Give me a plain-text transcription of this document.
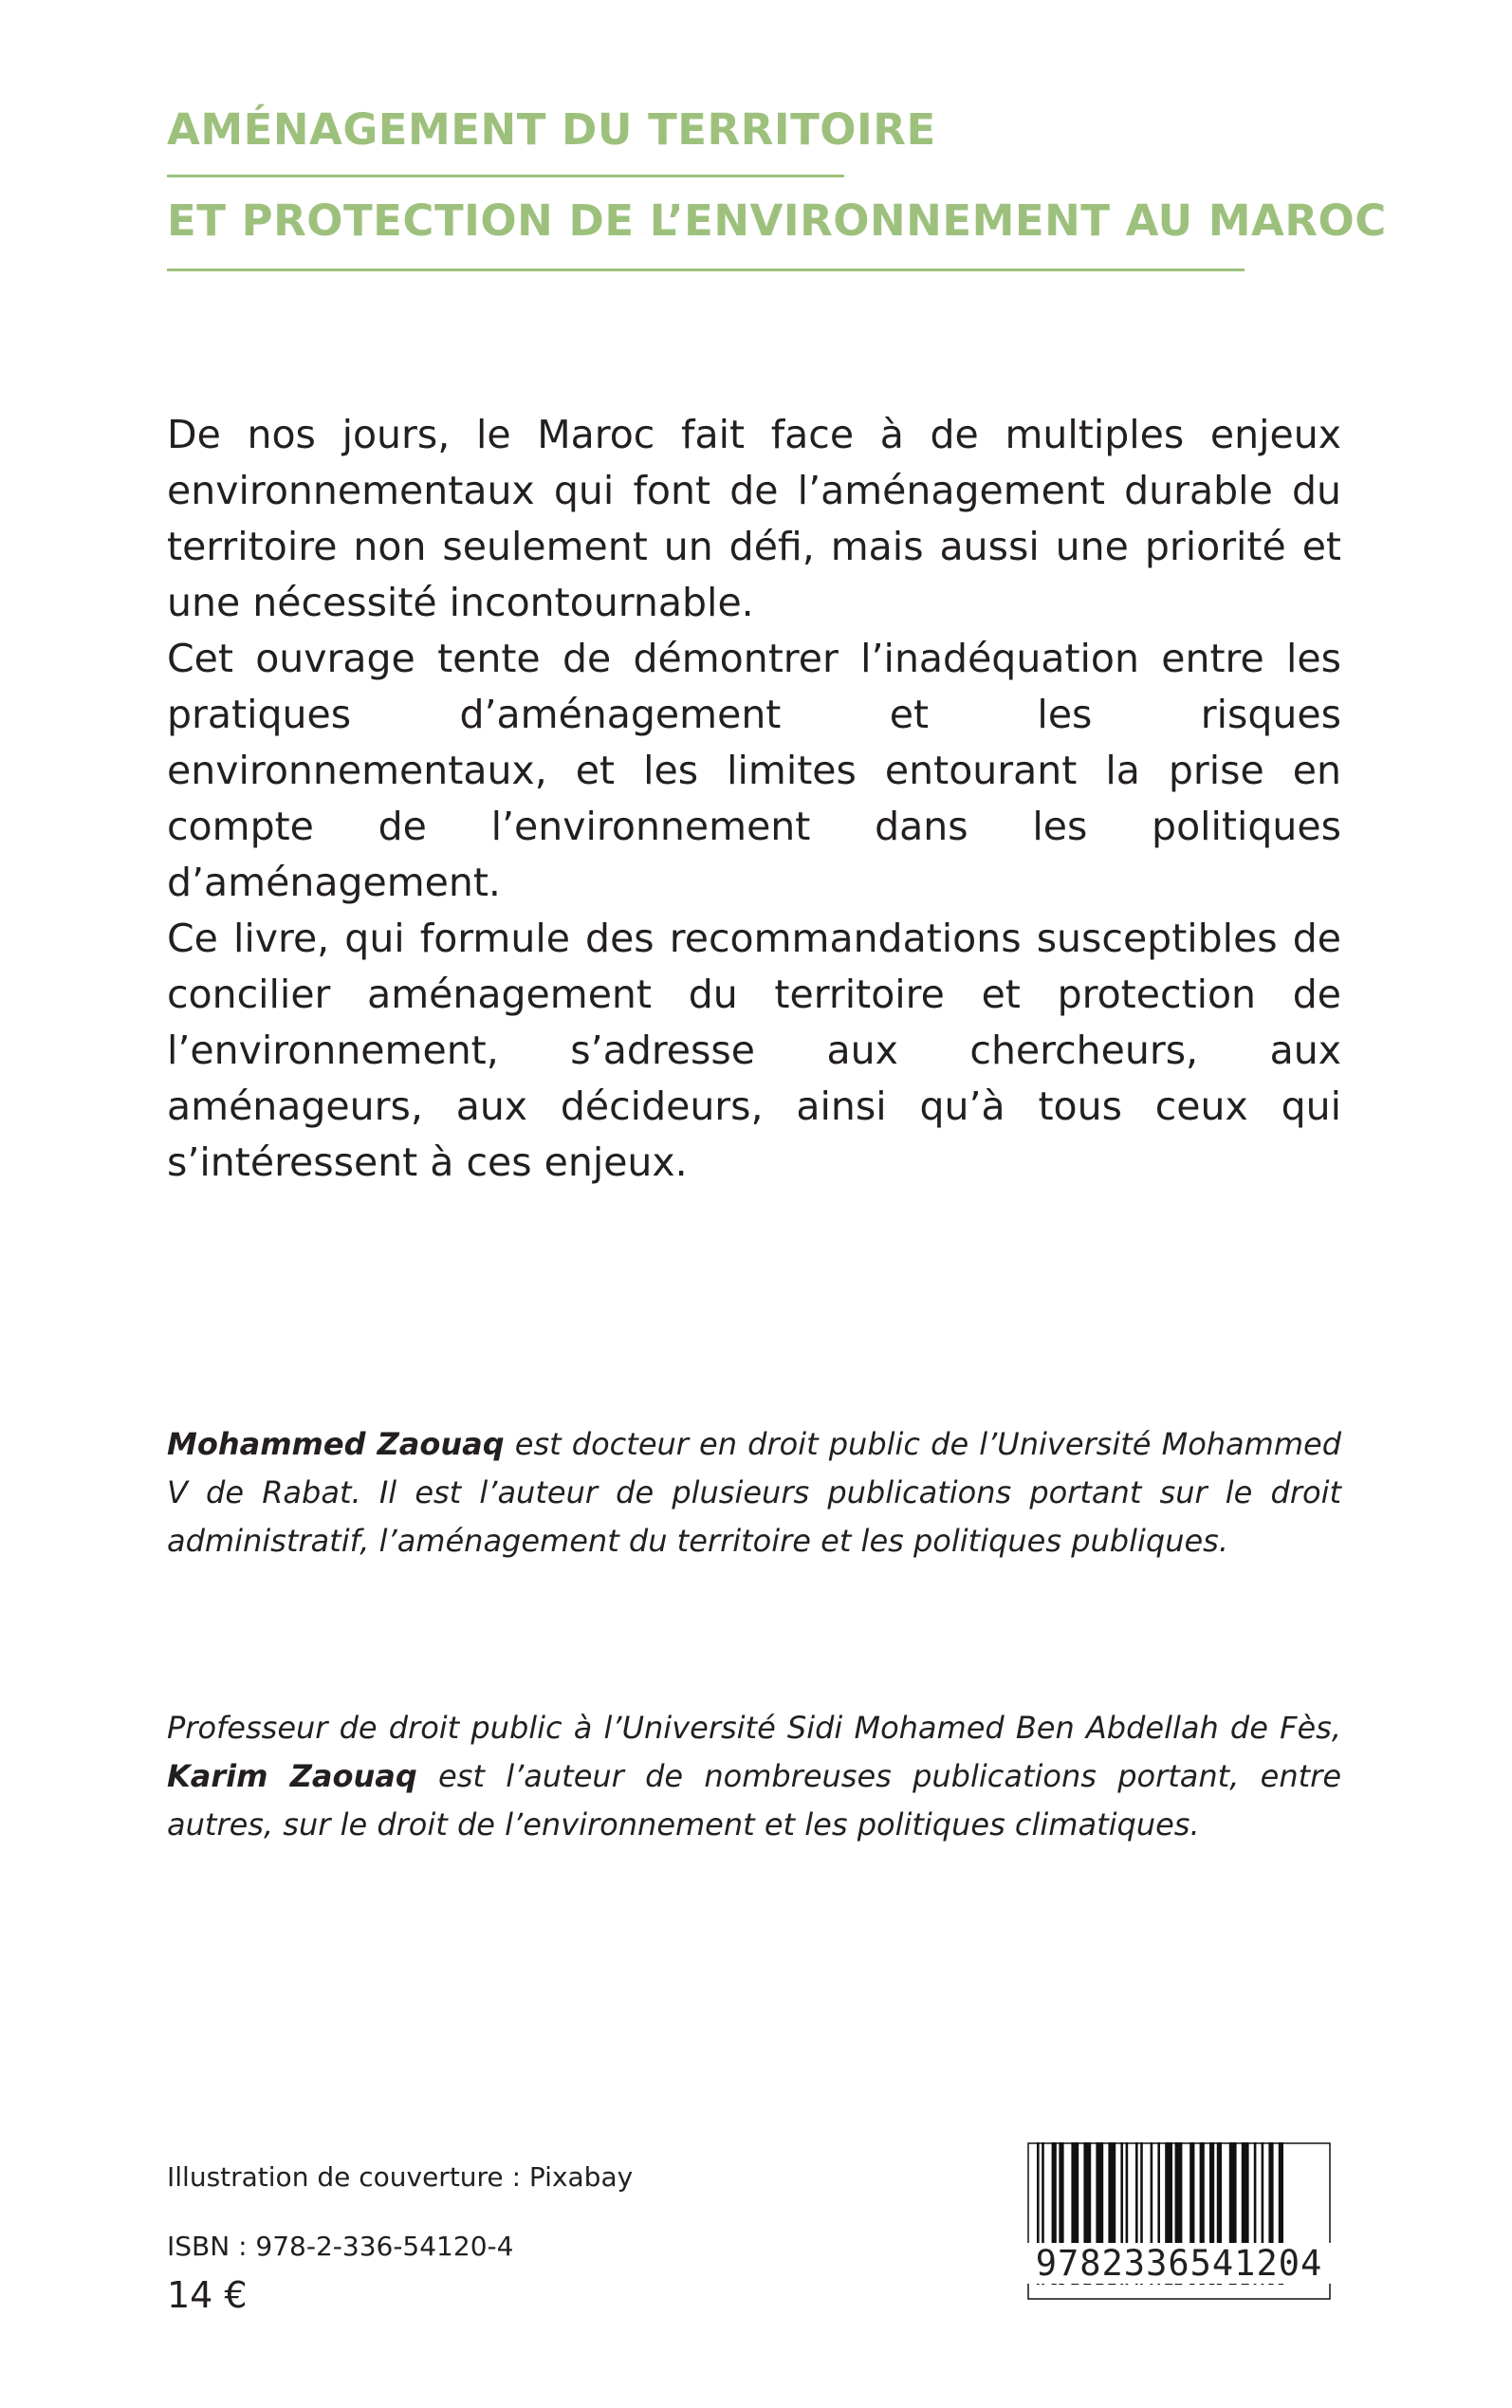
AMÉNAGEMENT DU TERRITOIRE
ET PROTECTION DE L’ENVIRONNEMENT AU MAROC

De nos jours, le Maroc fait face à de multiples enjeux environnementaux qui font de l’aménagement durable du territoire non seulement un défi, mais aussi une priorité et une nécessité incontournable.

Cet ouvrage tente de démontrer l’inadéquation entre les pratiques d’aménagement et les risques environnementaux, et les limites entourant la prise en compte de l’environnement dans les politiques d’aménagement.

Ce livre, qui formule des recommandations susceptibles de concilier aménagement du territoire et protection de l’environnement, s’adresse aux chercheurs, aux aménageurs, aux décideurs, ainsi qu’à tous ceux qui s’intéressent à ces enjeux.

Mohammed Zaouaq est docteur en droit public de l’Université Mohammed V de Rabat. Il est l’auteur de plusieurs publications portant sur le droit administratif, l’aménagement du territoire et les politiques publiques.
Professeur de droit public à l’Université Sidi Mohamed Ben Abdellah de Fès, Karim Zaouaq est l’auteur de nombreuses publications portant, entre autres, sur le droit de l’environnement et les politiques climatiques.
Illustration de couverture : Pixabay
ISBN : 978-2-336-54120-4
14 €
9782336541204
